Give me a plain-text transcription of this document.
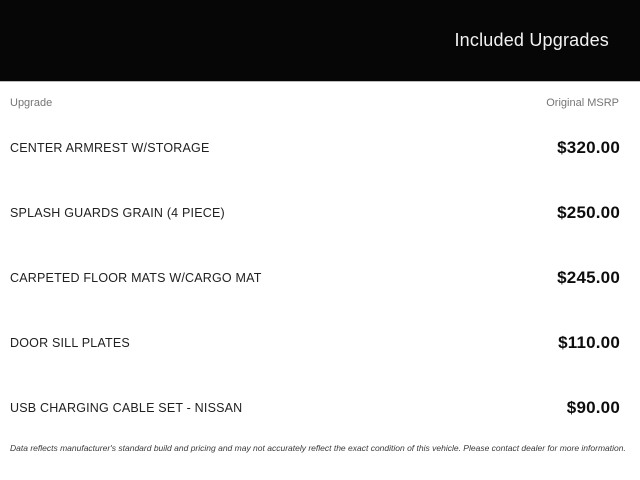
Included Upgrades
Upgrade	Original MSRP
CENTER ARMREST W/STORAGE	$320.00
SPLASH GUARDS GRAIN (4 PIECE)	$250.00
CARPETED FLOOR MATS W/CARGO MAT	$245.00
DOOR SILL PLATES	$110.00
USB CHARGING CABLE SET - NISSAN	$90.00
Data reflects manufacturer's standard build and pricing and may not accurately reflect the exact condition of this vehicle. Please contact dealer for more information.
